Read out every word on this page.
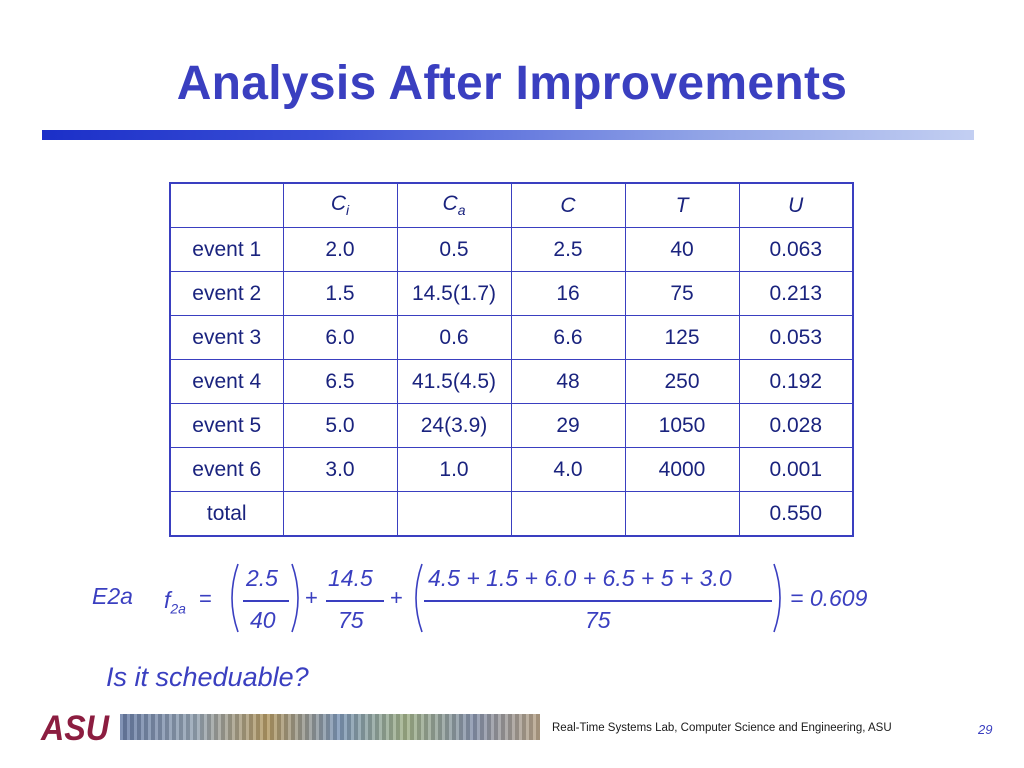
Analysis After Improvements
	$C_i$	$C_a$	C	T	U
event 1	2.0	0.5	2.5	40	0.063
event 2	1.5	14.5(1.7)	16	75	0.213
event 3	6.0	0.6	6.6	125	0.053
event 4	6.5	41.5(4.5)	48	250	0.192
event 5	5.0	24(3.9)	29	1050	0.028
event 6	3.0	1.0	4.0	4000	0.001
total					0.550
E2a $f_{2a}$ =
2.5
40
+
14.5
75
+
4.5 + 1.5 + 6.0 + 6.5 + 5 + 3.0
75
= 0.609
Is it scheduable?
ASU	Real-Time Systems Lab, Computer Science and Engineering, ASU	29
